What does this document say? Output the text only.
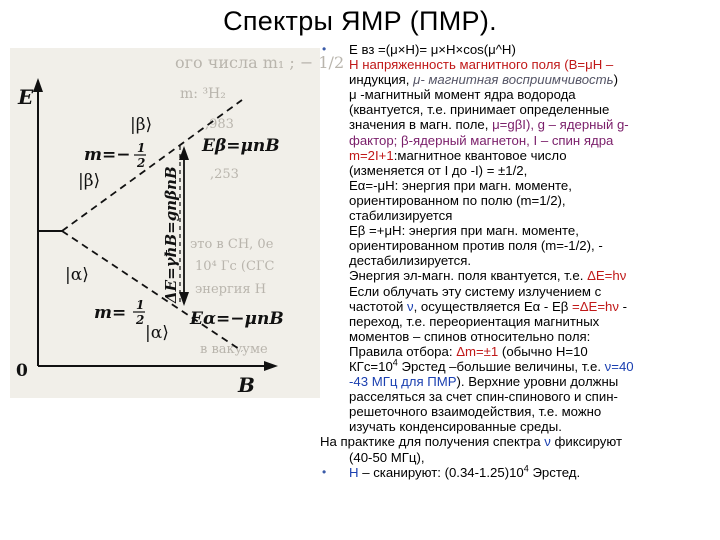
Спектры ЯМР (ПМР).
ого числа m₁ ; − 1/2
m: ³H₂
,983
,253
это в CH, 0е
10⁴ Гс (СГС
энергия H
в вакууме
E
B
0
|β⟩
|β⟩
|α⟩
|α⟩
m=− 1
2
m= 1
2
Eβ=μnB
Eα=−μnB
ΔE=γħB=gnβnB

• E вз =(μ×H)= μ×H×cos(μ^H)

H напряженность магнитного поля (B=μH –

индукция, μ- магнитная восприимчивость)

μ -магнитный момент ядра водорода

(квантуется, т.е. принимает определенные

значения в магн. поле, μ=gβI), g – ядерный g-

фактор; β-ядерный магнетон, I – спин ядра

m=2I+1:магнитное квантовое число

(изменяется от I до -I) = ±1/2,

Eα=-μH: энергия при магн. моменте,

ориентированном по полю (m=1/2),

стабилизируется

Eβ =+μH: энергия при магн. моменте,

ориентированном против поля (m=-1/2), -

дестабилизируется.

Энергия эл-магн. поля квантуется, т.е. ΔE=hν

Если облучать эту систему излучением с

частотой ν, осуществляется Eα - Eβ =ΔE=hν -

переход, т.е. переориентация магнитных

моментов – спинов относительно поля:

Правила отбора: Δm=±1 (обычно H=10

$КГс=10^4$ Эрстед –большие величины, т.е. ν=40

-43 МГц для ПМР). Верхние уровни должны

расселяться за счет спин-спинового и спин-

решеточного взаимодействия, т.е. можно

изучать конденсированные среды.

На практике для получения спектра ν фиксируют

(40-50 МГц),

• H – сканируют: $(0.34-1.25)10^4$ Эрстед.
